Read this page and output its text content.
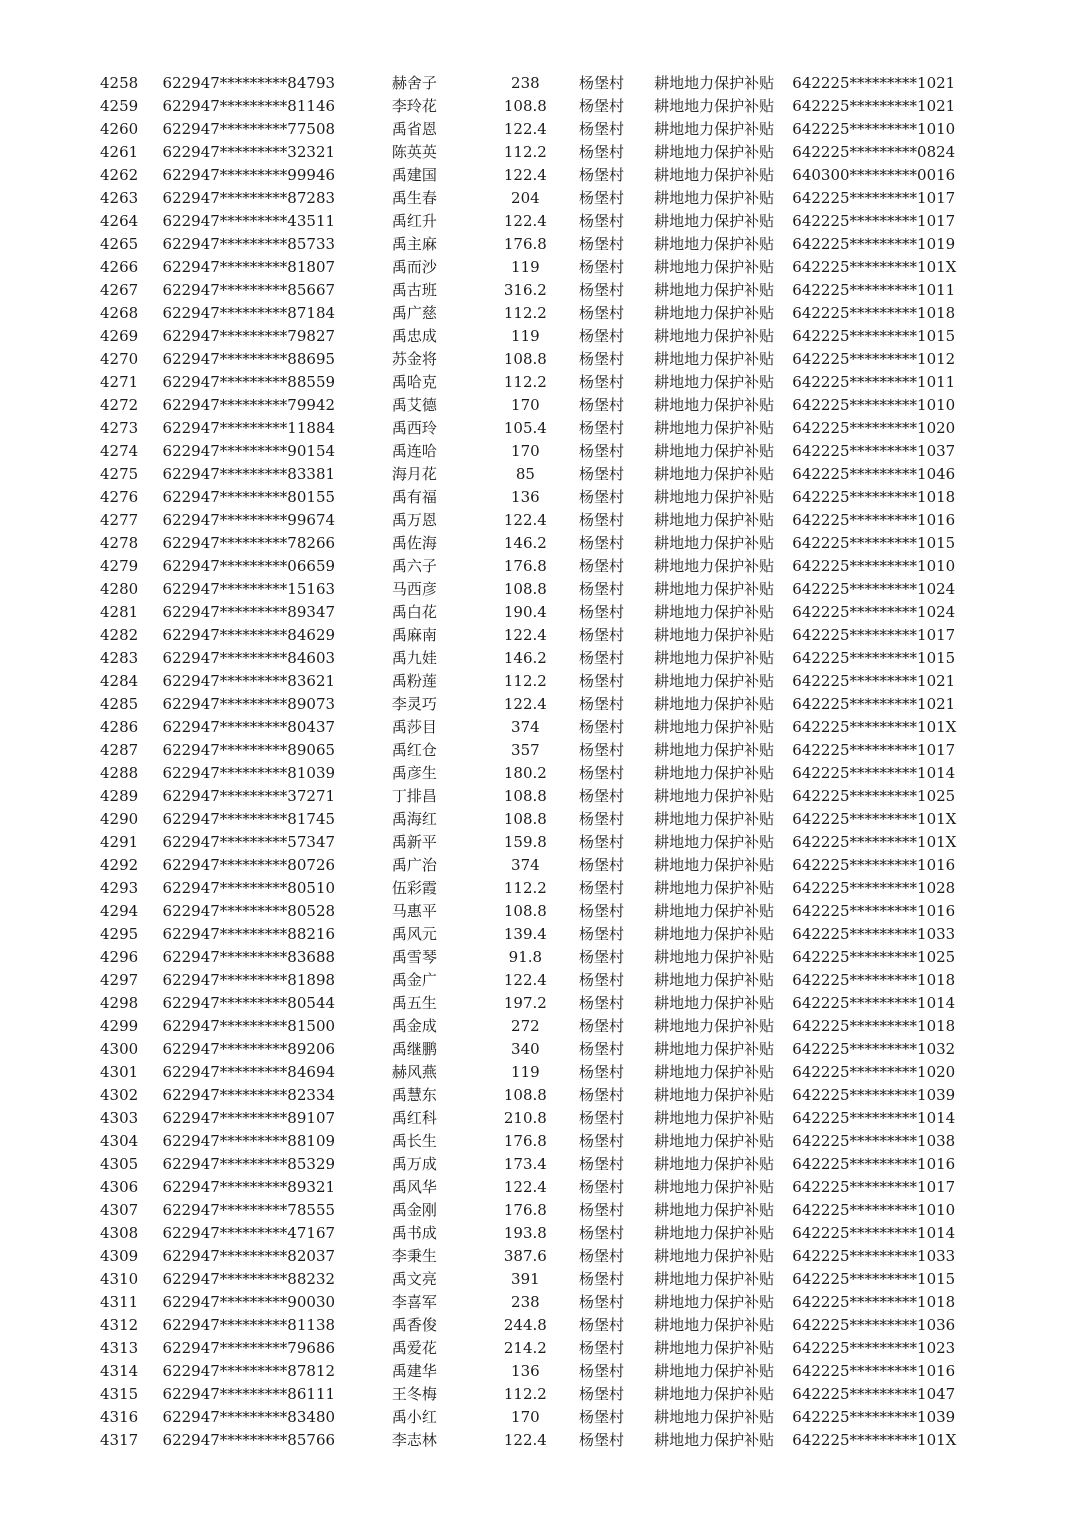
4258	622947*********84793	赫舍子	238	杨堡村	耕地地力保护补贴	642225*********1021
4259	622947*********81146	李玲花	108.8	杨堡村	耕地地力保护补贴	642225*********1021
4260	622947*********77508	禹省恩	122.4	杨堡村	耕地地力保护补贴	642225*********1010
4261	622947*********32321	陈英英	112.2	杨堡村	耕地地力保护补贴	642225*********0824
4262	622947*********99946	禹建国	122.4	杨堡村	耕地地力保护补贴	640300*********0016
4263	622947*********87283	禹生春	204	杨堡村	耕地地力保护补贴	642225*********1017
4264	622947*********43511	禹红升	122.4	杨堡村	耕地地力保护补贴	642225*********1017
4265	622947*********85733	禹主麻	176.8	杨堡村	耕地地力保护补贴	642225*********1019
4266	622947*********81807	禹而沙	119	杨堡村	耕地地力保护补贴	642225*********101X
4267	622947*********85667	禹古班	316.2	杨堡村	耕地地力保护补贴	642225*********1011
4268	622947*********87184	禹广慈	112.2	杨堡村	耕地地力保护补贴	642225*********1018
4269	622947*********79827	禹忠成	119	杨堡村	耕地地力保护补贴	642225*********1015
4270	622947*********88695	苏金将	108.8	杨堡村	耕地地力保护补贴	642225*********1012
4271	622947*********88559	禹哈克	112.2	杨堡村	耕地地力保护补贴	642225*********1011
4272	622947*********79942	禹艾德	170	杨堡村	耕地地力保护补贴	642225*********1010
4273	622947*********11884	禹西玲	105.4	杨堡村	耕地地力保护补贴	642225*********1020
4274	622947*********90154	禹连哈	170	杨堡村	耕地地力保护补贴	642225*********1037
4275	622947*********83381	海月花	85	杨堡村	耕地地力保护补贴	642225*********1046
4276	622947*********80155	禹有福	136	杨堡村	耕地地力保护补贴	642225*********1018
4277	622947*********99674	禹万恩	122.4	杨堡村	耕地地力保护补贴	642225*********1016
4278	622947*********78266	禹佐海	146.2	杨堡村	耕地地力保护补贴	642225*********1015
4279	622947*********06659	禹六子	176.8	杨堡村	耕地地力保护补贴	642225*********1010
4280	622947*********15163	马西彦	108.8	杨堡村	耕地地力保护补贴	642225*********1024
4281	622947*********89347	禹白花	190.4	杨堡村	耕地地力保护补贴	642225*********1024
4282	622947*********84629	禹麻南	122.4	杨堡村	耕地地力保护补贴	642225*********1017
4283	622947*********84603	禹九娃	146.2	杨堡村	耕地地力保护补贴	642225*********1015
4284	622947*********83621	禹粉莲	112.2	杨堡村	耕地地力保护补贴	642225*********1021
4285	622947*********89073	李灵巧	122.4	杨堡村	耕地地力保护补贴	642225*********1021
4286	622947*********80437	禹莎目	374	杨堡村	耕地地力保护补贴	642225*********101X
4287	622947*********89065	禹红仓	357	杨堡村	耕地地力保护补贴	642225*********1017
4288	622947*********81039	禹彦生	180.2	杨堡村	耕地地力保护补贴	642225*********1014
4289	622947*********37271	丁排昌	108.8	杨堡村	耕地地力保护补贴	642225*********1025
4290	622947*********81745	禹海红	108.8	杨堡村	耕地地力保护补贴	642225*********101X
4291	622947*********57347	禹新平	159.8	杨堡村	耕地地力保护补贴	642225*********101X
4292	622947*********80726	禹广治	374	杨堡村	耕地地力保护补贴	642225*********1016
4293	622947*********80510	伍彩霞	112.2	杨堡村	耕地地力保护补贴	642225*********1028
4294	622947*********80528	马惠平	108.8	杨堡村	耕地地力保护补贴	642225*********1016
4295	622947*********88216	禹风元	139.4	杨堡村	耕地地力保护补贴	642225*********1033
4296	622947*********83688	禹雪琴	91.8	杨堡村	耕地地力保护补贴	642225*********1025
4297	622947*********81898	禹金广	122.4	杨堡村	耕地地力保护补贴	642225*********1018
4298	622947*********80544	禹五生	197.2	杨堡村	耕地地力保护补贴	642225*********1014
4299	622947*********81500	禹金成	272	杨堡村	耕地地力保护补贴	642225*********1018
4300	622947*********89206	禹继鹏	340	杨堡村	耕地地力保护补贴	642225*********1032
4301	622947*********84694	赫风燕	119	杨堡村	耕地地力保护补贴	642225*********1020
4302	622947*********82334	禹慧东	108.8	杨堡村	耕地地力保护补贴	642225*********1039
4303	622947*********89107	禹红科	210.8	杨堡村	耕地地力保护补贴	642225*********1014
4304	622947*********88109	禹长生	176.8	杨堡村	耕地地力保护补贴	642225*********1038
4305	622947*********85329	禹万成	173.4	杨堡村	耕地地力保护补贴	642225*********1016
4306	622947*********89321	禹风华	122.4	杨堡村	耕地地力保护补贴	642225*********1017
4307	622947*********78555	禹金刚	176.8	杨堡村	耕地地力保护补贴	642225*********1010
4308	622947*********47167	禹书成	193.8	杨堡村	耕地地力保护补贴	642225*********1014
4309	622947*********82037	李秉生	387.6	杨堡村	耕地地力保护补贴	642225*********1033
4310	622947*********88232	禹文亮	391	杨堡村	耕地地力保护补贴	642225*********1015
4311	622947*********90030	李喜军	238	杨堡村	耕地地力保护补贴	642225*********1018
4312	622947*********81138	禹香俊	244.8	杨堡村	耕地地力保护补贴	642225*********1036
4313	622947*********79686	禹爱花	214.2	杨堡村	耕地地力保护补贴	642225*********1023
4314	622947*********87812	禹建华	136	杨堡村	耕地地力保护补贴	642225*********1016
4315	622947*********86111	王冬梅	112.2	杨堡村	耕地地力保护补贴	642225*********1047
4316	622947*********83480	禹小红	170	杨堡村	耕地地力保护补贴	642225*********1039
4317	622947*********85766	李志林	122.4	杨堡村	耕地地力保护补贴	642225*********101X
